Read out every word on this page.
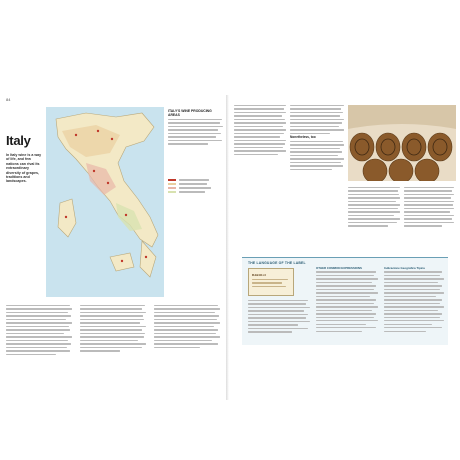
84
Italy
In Italy wine is a way of life, and few nations can rival its extraordinary diversity of grapes, traditions and landscapes.
ITALY'S WINE PRODUCING AREAS
Nonetheless, too
THE LANGUAGE OF THE LABEL
BAROLO
OTHER COMMON EXPRESSIONS	Indicazione Geografica Tipica
